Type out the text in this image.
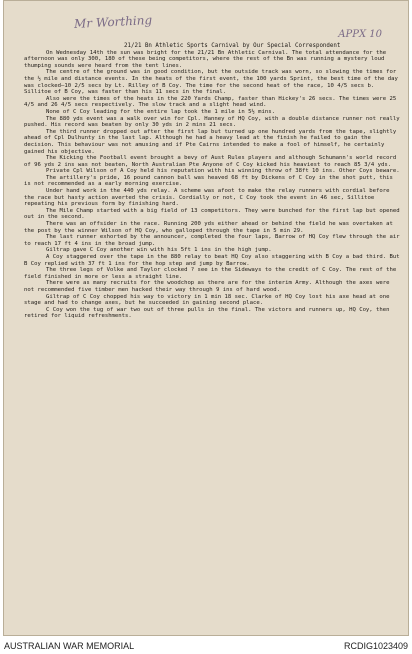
Mr Worthing
APPX 10
21/21 Bn Athletic Sports Carnival by Our Special Correspondent

On Wednesday 14th the sun was bright for the 21/21 Bn Athletic Carnival. The total attendance for the afternoon was only 300, 180 of these being competitors, where the rest of the Bn was running a mystery loud thumping sounds were heard from the tent lines.

The centre of the ground was in good condition, but the outside track was worn, so slowing the times for the ½ mile and distance events. In the heats of the first event, the 100 yards Sprint, the best time of the day was clocked—10 2/5 secs by Lt. Rilley of B Coy. The time for the second heat of the race, 10 4/5 secs b. Sillitoe of B Coy, was faster than his 11 secs in the final.

Also were the times of the heats in the 220 Yards Champ, faster than Hickey's 26 secs. The times were 25 4/5 and 26 4/5 secs respectively. The slow track and a slight head wind.

None of C Coy leading for the entire lap took the 1 mile in 5½ mins.

The 880 yds event was a walk over win for Cpl. Hanney of HQ Coy, with a double distance runner not really pushed. His record was beaten by only 30 yds in 2 mins 21 secs.

The third runner dropped out after the first lap but turned up one hundred yards from the tape, slightly ahead of Cpl Dulhunty in the last lap. Although he had a heavy lead at the finish he failed to gain the decision. This behaviour was not amusing and if Pte Cairns intended to make a fool of himself, he certainly gained his objective.

The Kicking the Football event brought a bevy of Aust Rules players and although Schumann's world record of 96 yds 2 ins was not beaten, North Australian Pte Anyone of C Coy kicked his heaviest to reach 85 3/4 yds.

Private Cpl Wilson of A Coy held his reputation with his winning throw of 38ft 10 ins. Other Coys beware.

The artillery's pride, 16 pound cannon ball was heaved 68 ft by Dickens of C Coy in the shot putt, this is not recommended as a early morning exercise.

Under hand work in the 440 yds relay. A scheme was afoot to make the relay runners with cordial before the race but hasty action averted the crisis. Cordially or not, C Coy took the event in 46 sec, Sillitoe repeating his previous form by finishing hard.

The Mile Champ started with a big field of 13 competitors. They were bunched for the first lap but opened out in the second.

There was an offsider in the race. Running 200 yds either ahead or behind the field he was overtaken at the post by the winner Wilson of HQ Coy, who galloped through the tape in 5 min 29.

The last runner exhorted by the announcer, completed the four laps, Barrow of HQ Coy flew through the air to reach 17 ft 4 ins in the broad jump.

Giltrap gave C Coy another win with his 5ft 1 ins in the high jump.

A Coy staggered over the tape in the 880 relay to beat HQ Coy also staggering with B Coy a bad third. But B Coy replied with 37 ft 1 ins for the hop step and jump by Barrow.

The three legs of Volke and Taylor clocked ? see in the Sideways to the credit of C Coy. The rest of the field finished in more or less a straight line.

There were as many recruits for the woodchop as there are for the interim Army. Although the axes were not recommended five timber men hacked their way through 9 ins of hard wood.

Giltrap of C Coy chopped his way to victory in 1 min 18 sec. Clarke of HQ Coy lost his axe head at one stage and had to change axes, but he succeeded in gaining second place.

C Coy won the tug of war two out of three pulls in the final. The victors and runners up, HQ Coy, then retired for liquid refreshments.

AUSTRALIAN WAR MEMORIAL	RCDIG1023409
